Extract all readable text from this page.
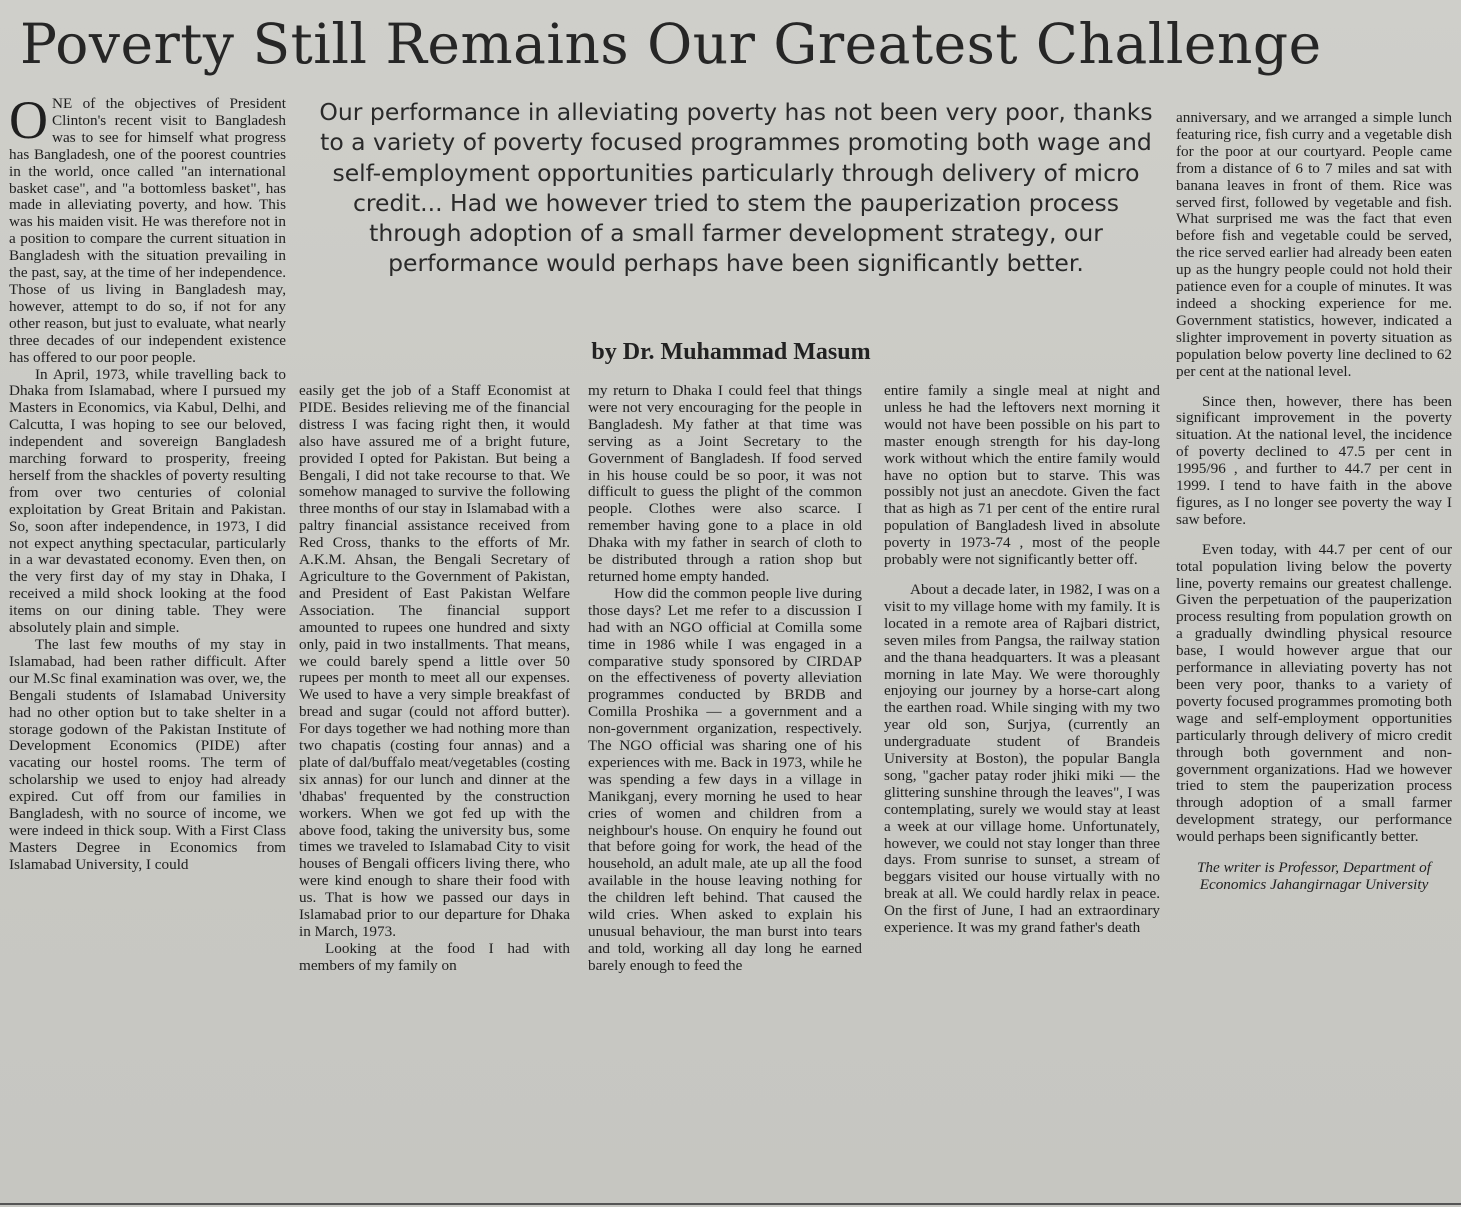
Poverty Still Remains Our Greatest Challenge

Our performance in alleviating poverty has not been very poor, thanks to a variety of poverty focused programmes promoting both wage and self-employment opportunities particularly through delivery of micro credit... Had we however tried to stem the pauperization process through adoption of a small farmer development strategy, our performance would perhaps have been significantly better.

by Dr. Muhammad Masum
O NE of the objectives of President Clinton's recent visit to Bangladesh was to see for himself what progress has Bangladesh, one of the poorest countries in the world, once called "an international basket case", and "a bottomless basket", has made in alleviating poverty, and how. This was his maiden visit. He was therefore not in a position to compare the current situation in Bangladesh with the situation prevailing in the past, say, at the time of her independence. Those of us living in Bangladesh may, however, attempt to do so, if not for any other reason, but just to evaluate, what nearly three decades of our independent existence has offered to our poor people.

In April, 1973, while travelling back to Dhaka from Islamabad, where I pursued my Masters in Economics, via Kabul, Delhi, and Calcutta, I was hoping to see our beloved, independent and sovereign Bangladesh marching forward to prosperity, freeing herself from the shackles of poverty resulting from over two centuries of colonial exploitation by Great Britain and Pakistan. So, soon after independence, in 1973, I did not expect anything spectacular, particularly in a war devastated economy. Even then, on the very first day of my stay in Dhaka, I received a mild shock looking at the food items on our dining table. They were absolutely plain and simple.

The last few mouths of my stay in Islamabad, had been rather difficult. After our M.Sc final examination was over, we, the Bengali students of Islamabad University had no other option but to take shelter in a storage godown of the Pakistan Institute of Development Economics (PIDE) after vacating our hostel rooms. The term of scholarship we used to enjoy had already expired. Cut off from our families in Bangladesh, with no source of income, we were indeed in thick soup. With a First Class Masters Degree in Economics from Islamabad University, I could

easily get the job of a Staff Economist at PIDE. Besides relieving me of the financial distress I was facing right then, it would also have assured me of a bright future, provided I opted for Pakistan. But being a Bengali, I did not take recourse to that. We somehow managed to survive the following three months of our stay in Islamabad with a paltry financial assistance received from Red Cross, thanks to the efforts of Mr. A.K.M. Ahsan, the Bengali Secretary of Agriculture to the Government of Pakistan, and President of East Pakistan Welfare Association. The financial support amounted to rupees one hundred and sixty only, paid in two installments. That means, we could barely spend a little over 50 rupees per month to meet all our expenses. We used to have a very simple breakfast of bread and sugar (could not afford butter). For days together we had nothing more than two chapatis (costing four annas) and a plate of dal/buffalo meat/vegetables (costing six annas) for our lunch and dinner at the 'dhabas' frequented by the construction workers. When we got fed up with the above food, taking the university bus, some times we traveled to Islamabad City to visit houses of Bengali officers living there, who were kind enough to share their food with us. That is how we passed our days in Islamabad prior to our departure for Dhaka in March, 1973.

Looking at the food I had with members of my family on

my return to Dhaka I could feel that things were not very encouraging for the people in Bangladesh. My father at that time was serving as a Joint Secretary to the Government of Bangladesh. If food served in his house could be so poor, it was not difficult to guess the plight of the common people. Clothes were also scarce. I remember having gone to a place in old Dhaka with my father in search of cloth to be distributed through a ration shop but returned home empty handed.

How did the common people live during those days? Let me refer to a discussion I had with an NGO official at Comilla some time in 1986 while I was engaged in a comparative study sponsored by CIRDAP on the effectiveness of poverty alleviation programmes conducted by BRDB and Comilla Proshika — a government and a non-government organization, respectively. The NGO official was sharing one of his experiences with me. Back in 1973, while he was spending a few days in a village in Manikganj, every morning he used to hear cries of women and children from a neighbour's house. On enquiry he found out that before going for work, the head of the household, an adult male, ate up all the food available in the house leaving nothing for the children left behind. That caused the wild cries. When asked to explain his unusual behaviour, the man burst into tears and told, working all day long he earned barely enough to feed the

entire family a single meal at night and unless he had the leftovers next morning it would not have been possible on his part to master enough strength for his day-long work without which the entire family would have no option but to starve. This was possibly not just an anecdote. Given the fact that as high as 71 per cent of the entire rural population of Bangladesh lived in absolute poverty in 1973-74 , most of the people probably were not significantly better off.

About a decade later, in 1982, I was on a visit to my village home with my family. It is located in a remote area of Rajbari district, seven miles from Pangsa, the railway station and the thana headquarters. It was a pleasant morning in late May. We were thoroughly enjoying our journey by a horse-cart along the earthen road. While singing with my two year old son, Surjya, (currently an undergraduate student of Brandeis University at Boston), the popular Bangla song, "gacher patay roder jhiki miki — the glittering sunshine through the leaves", I was contemplating, surely we would stay at least a week at our village home. Unfortunately, however, we could not stay longer than three days. From sunrise to sunset, a stream of beggars visited our house virtually with no break at all. We could hardly relax in peace. On the first of June, I had an extraordinary experience. It was my grand father's death

anniversary, and we arranged a simple lunch featuring rice, fish curry and a vegetable dish for the poor at our courtyard. People came from a distance of 6 to 7 miles and sat with banana leaves in front of them. Rice was served first, followed by vegetable and fish. What surprised me was the fact that even before fish and vegetable could be served, the rice served earlier had already been eaten up as the hungry people could not hold their patience even for a couple of minutes. It was indeed a shocking experience for me. Government statistics, however, indicated a slighter improvement in poverty situation as population below poverty line declined to 62 per cent at the national level.

Since then, however, there has been significant improvement in the poverty situation. At the national level, the incidence of poverty declined to 47.5 per cent in 1995/96 , and further to 44.7 per cent in 1999. I tend to have faith in the above figures, as I no longer see poverty the way I saw before.

Even today, with 44.7 per cent of our total population living below the poverty line, poverty remains our greatest challenge. Given the perpetuation of the pauperization process resulting from population growth on a gradually dwindling physical resource base, I would however argue that our performance in alleviating poverty has not been very poor, thanks to a variety of poverty focused programmes promoting both wage and self-employment opportunities particularly through delivery of micro credit through both government and non-government organizations. Had we however tried to stem the pauperization process through adoption of a small farmer development strategy, our performance would perhaps been significantly better.

The writer is Professor, Department of Economics Jahangirnagar University
